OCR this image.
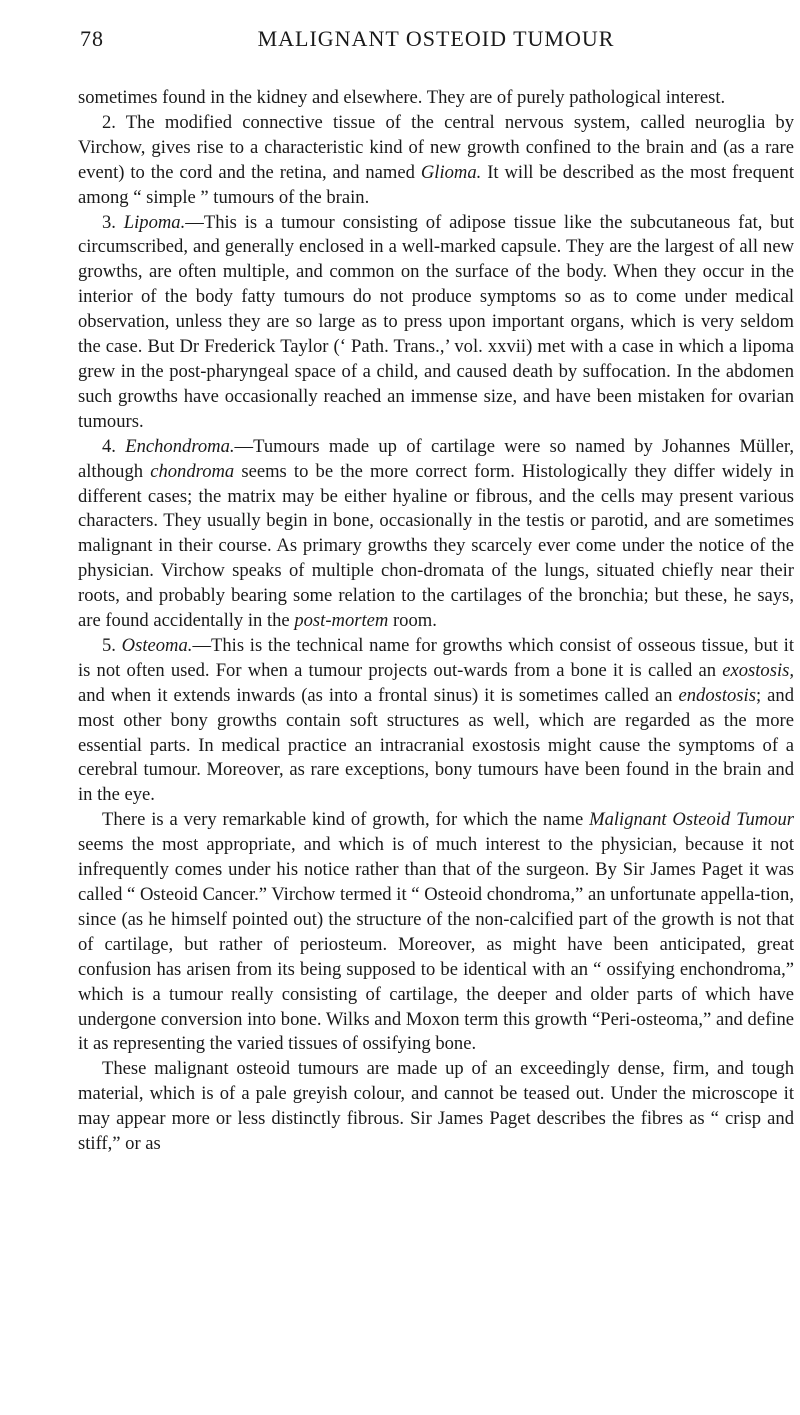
78	MALIGNANT OSTEOID TUMOUR

sometimes found in the kidney and elsewhere. They are of purely pathological interest.

2. The modified connective tissue of the central nervous system, called neuroglia by Virchow, gives rise to a characteristic kind of new growth confined to the brain and (as a rare event) to the cord and the retina, and named Glioma. It will be described as the most frequent among “ simple ” tumours of the brain.

3. Lipoma.—This is a tumour consisting of adipose tissue like the subcutaneous fat, but circumscribed, and generally enclosed in a well-marked capsule. They are the largest of all new growths, are often multiple, and common on the surface of the body. When they occur in the interior of the body fatty tumours do not produce symptoms so as to come under medical observation, unless they are so large as to press upon important organs, which is very seldom the case. But Dr Frederick Taylor (‘ Path. Trans.,’ vol. xxvii) met with a case in which a lipoma grew in the post-pharyngeal space of a child, and caused death by suffocation. In the abdomen such growths have occasionally reached an immense size, and have been mistaken for ovarian tumours.

4. Enchondroma.—Tumours made up of cartilage were so named by Johannes Müller, although chondroma seems to be the more correct form. Histologically they differ widely in different cases; the matrix may be either hyaline or fibrous, and the cells may present various characters. They usually begin in bone, occasionally in the testis or parotid, and are sometimes malignant in their course. As primary growths they scarcely ever come under the notice of the physician. Virchow speaks of multiple chon-dromata of the lungs, situated chiefly near their roots, and probably bearing some relation to the cartilages of the bronchia; but these, he says, are found accidentally in the post-mortem room.

5. Osteoma.—This is the technical name for growths which consist of osseous tissue, but it is not often used. For when a tumour projects out-wards from a bone it is called an exostosis, and when it extends inwards (as into a frontal sinus) it is sometimes called an endostosis; and most other bony growths contain soft structures as well, which are regarded as the more essential parts. In medical practice an intracranial exostosis might cause the symptoms of a cerebral tumour. Moreover, as rare exceptions, bony tumours have been found in the brain and in the eye.

There is a very remarkable kind of growth, for which the name Malignant Osteoid Tumour seems the most appropriate, and which is of much interest to the physician, because it not infrequently comes under his notice rather than that of the surgeon. By Sir James Paget it was called “ Osteoid Cancer.” Virchow termed it “ Osteoid chondroma,” an unfortunate appella-tion, since (as he himself pointed out) the structure of the non-calcified part of the growth is not that of cartilage, but rather of periosteum. Moreover, as might have been anticipated, great confusion has arisen from its being supposed to be identical with an “ ossifying enchondroma,” which is a tumour really consisting of cartilage, the deeper and older parts of which have undergone conversion into bone. Wilks and Moxon term this growth “Peri-osteoma,” and define it as representing the varied tissues of ossifying bone.

These malignant osteoid tumours are made up of an exceedingly dense, firm, and tough material, which is of a pale greyish colour, and cannot be teased out. Under the microscope it may appear more or less distinctly fibrous. Sir James Paget describes the fibres as “ crisp and stiff,” or as
